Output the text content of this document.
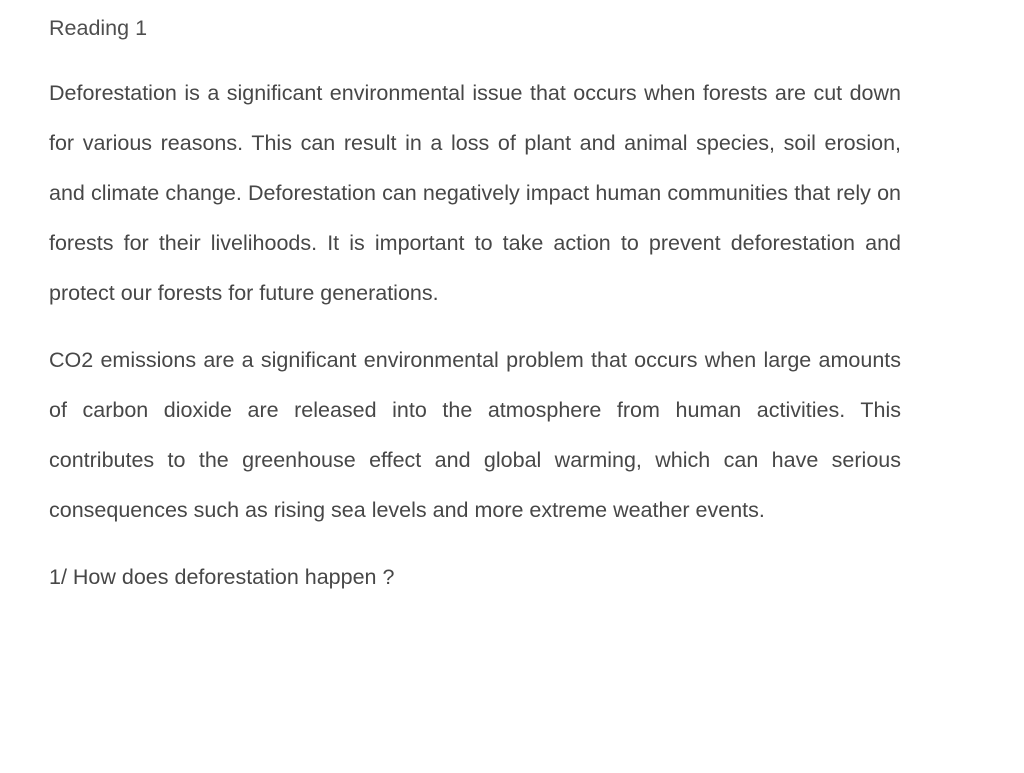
Reading 1

Deforestation is a significant environmental issue that occurs when forests are cut down for various reasons. This can result in a loss of plant and animal species, soil erosion, and climate change. Deforestation can negatively impact human communities that rely on forests for their livelihoods. It is important to take action to prevent deforestation and protect our forests for future generations.

CO2 emissions are a significant environmental problem that occurs when large amounts of carbon dioxide are released into the atmosphere from human activities. This contributes to the greenhouse effect and global warming, which can have serious consequences such as rising sea levels and more extreme weather events.

1/ How does deforestation happen ?
